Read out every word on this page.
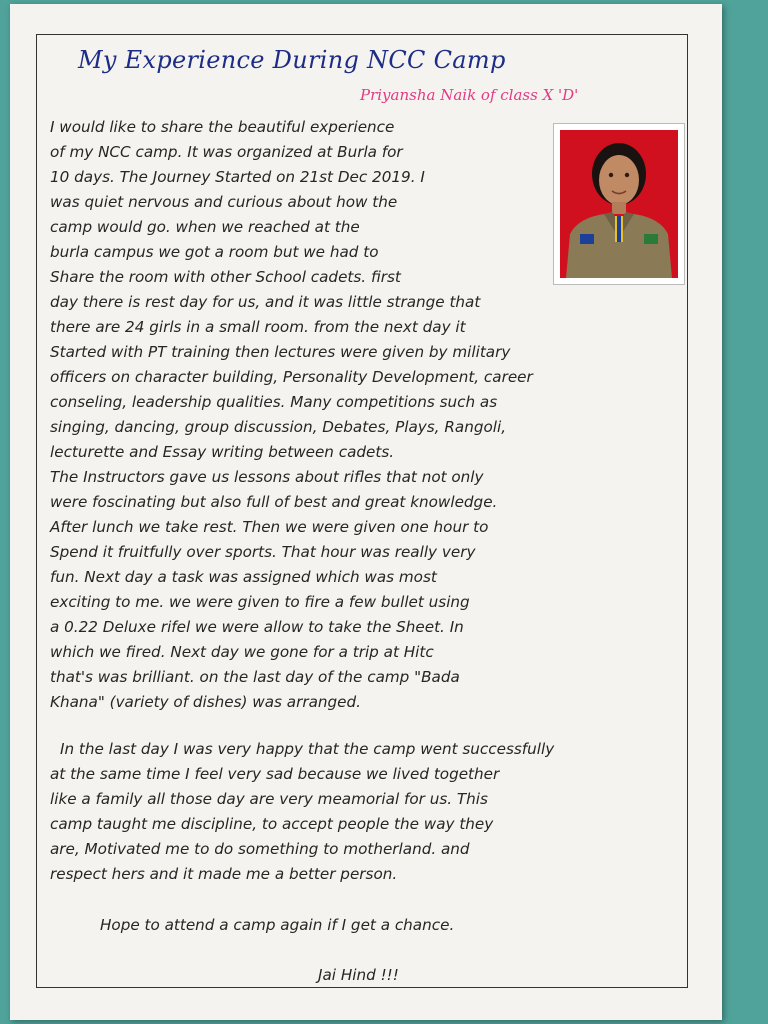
My Experience During NCC Camp
Priyansha Naik of class X 'D'
I would like to share the beautiful experience
of my NCC camp. It was organized at Burla for
10 days. The Journey Started on 21st Dec 2019. I
was quiet nervous and curious about how the
camp would go. when we reached at the
burla campus we got a room but we had to
Share the room with other School cadets. first
day there is rest day for us, and it was little strange that
there are 24 girls in a small room. from the next day it
Started with PT training then lectures were given by military
officers on character building, Personality Development, career
conseling, leadership qualities. Many competitions such as
singing, dancing, group discussion, Debates, Plays, Rangoli,
lecturette and Essay writing between cadets.
The Instructors gave us lessons about rifles that not only
were foscinating but also full of best and great knowledge.
After lunch we take rest. Then we were given one hour to
Spend it fruitfully over sports. That hour was really very
fun. Next day a task was assigned which was most
exciting to me. we were given to fire a few bullet using
a 0.22 Deluxe rifel we were allow to take the Sheet. In
which we fired. Next day we gone for a trip at Hitc
that's was brilliant. on the last day of the camp "Bada
Khana" (variety of dishes) was arranged.
In the last day I was very happy that the camp went successfully
at the same time I feel very sad because we lived together
like a family all those day are very meamorial for us. This
camp taught me discipline, to accept people the way they
are, Motivated me to do something to motherland. and
respect hers and it made me a better person.
Hope to attend a camp again if I get a chance.
Jai Hind !!!
